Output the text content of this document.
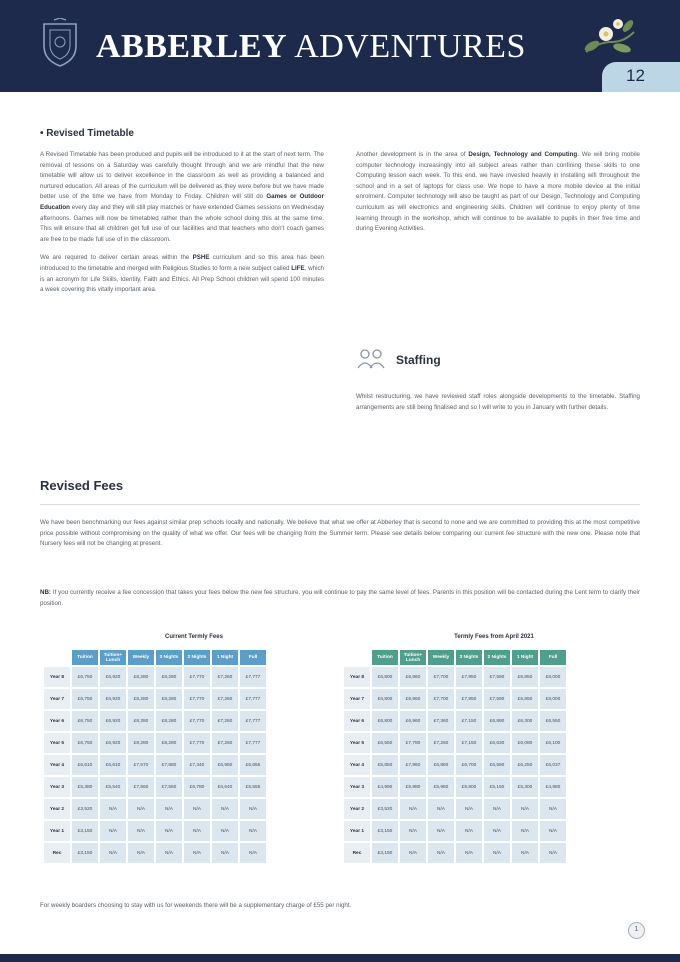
ABBERLEY ADVENTURES
12
• Revised Timetable

A Revised Timetable has been produced and pupils will be introduced to it at the start of next term. The removal of lessons on a Saturday was carefully thought through and we are mindful that the new timetable will allow us to deliver excellence in the classroom as well as providing a balanced and nurtured education. All areas of the curriculum will be delivered as they were before but we have made better use of the time we have from Monday to Friday. Children will still do Games or Outdoor Education every day and they will still play matches or have extended Games sessions on Wednesday afternoons. Games will now be timetabled rather than the whole school doing this at the same time. This will ensure that all children get full use of our facilities and that teachers who don't coach games are free to be made full use of in the classroom.

We are required to deliver certain areas within the PSHE curriculum and so this area has been introduced to the timetable and merged with Religious Studies to form a new subject called LIFE, which is an acronym for Life Skills, Identity, Faith and Ethics. All Prep School children will spend 100 minutes a week covering this vitally important area.

Another development is in the area of Design, Technology and Computing. We will bring mobile computer technology increasingly into all subject areas rather than confining these skills to one Computing lesson each week. To this end, we have invested heavily in installing wifi throughout the school and in a set of laptops for class use. We hope to have a more mobile device at the initial enrolment. Computer technology will also be taught as part of our Design, Technology and Computing curriculum as will electronics and engineering skills. Children will continue to enjoy plenty of time learning through in the workshop, which will continue to be available to pupils in their free time and during Evening Activities.

Staffing
Whilst restructuring, we have reviewed staff roles alongside developments to the timetable. Staffing arrangements are still being finalised and so I will write to you in January with further details.
Revised Fees
We have been benchmarking our fees against similar prep schools locally and nationally. We believe that what we offer at Abberley that is second to none and we are committed to providing this at the most competitive price possible without compromising on the quality of what we offer. Our fees will be changing from the Summer term. Please see details below comparing our current fee structure with the new one. Please note that Nursery fees will not be changing at present.
NB: If you currently receive a fee concession that takes your fees below the new fee structure, you will continue to pay the same level of fees. Parents in this position will be contacted during the Lent term to clarify their position.
Current Termly Fees
	Tuition	Tuition+ Lunch	Weekly	3 Nights	2 Nights	1 Night	Full
Year 8	£6,750	£6,920	£8,280	£8,280	£7,770	£7,260	£7,777
Year 7	£6,750	£6,920	£8,280	£8,280	£7,770	£7,260	£7,777
Year 6	£6,750	£6,920	£8,280	£8,280	£7,770	£7,260	£7,777
Year 5	£6,750	£6,920	£8,280	£8,280	£7,770	£7,260	£7,777
Year 4	£6,610	£6,610	£7,570	£7,880	£7,340	£6,950	£6,655
Year 3	£5,380	£5,540	£7,560	£7,560	£6,780	£6,640	£5,555
Year 2	£3,520	N/A	N/A	N/A	N/A	N/A	N/A
Year 1	£3,150	N/A	N/A	N/A	N/A	N/A	N/A
Rec	£3,150	N/A	N/A	N/A	N/A	N/A	N/A
Termly Fees from April 2021
	Tuition	Tuition+ Lunch	Weekly	3 Nights	2 Nights	1 Night	Full
Year 8	£6,800	£6,960	£7,700	£7,950	£7,590	£6,850	£8,000
Year 7	£6,800	£6,960	£7,700	£7,950	£7,590	£6,850	£8,000
Year 6	£6,800	£6,960	£7,360	£7,150	£6,890	£6,300	£6,550
Year 5	£6,550	£7,780	£7,260	£7,150	£6,630	£6,080	£6,100
Year 4	£5,850	£7,960	£6,860	£6,700	£6,590	£6,250	£6,037
Year 3	£4,990	£5,980	£5,960	£5,800	£5,150	£5,300	£4,980
Year 2	£3,520	N/A	N/A	N/A	N/A	N/A	N/A
Year 1	£3,150	N/A	N/A	N/A	N/A	N/A	N/A
Rec	£3,150	N/A	N/A	N/A	N/A	N/A	N/A
For weekly boarders choosing to stay with us for weekends there will be a supplementary charge of £55 per night.
1
